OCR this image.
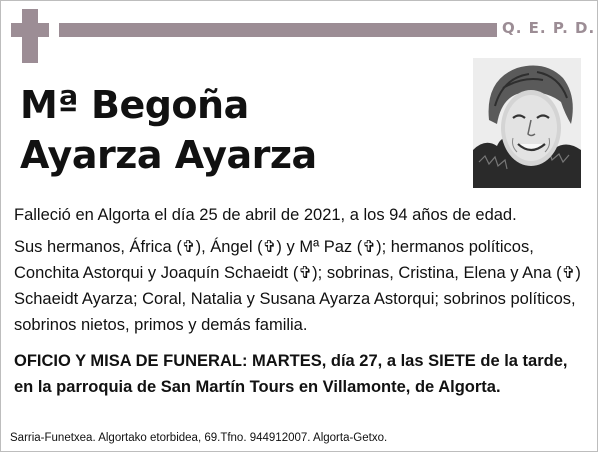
Q. E. P. D.
Mª Begoña
Ayarza Ayarza

Falleció en Algorta el día 25 de abril de 2021, a los 94 años de edad.

Sus hermanos, África (✞), Ángel (✞) y Mª Paz (✞); hermanos políticos, Conchita Astorqui y Joaquín Schaeidt (✞); sobrinas, Cristina, Elena y Ana (✞) Schaeidt Ayarza; Coral, Natalia y Susana Ayarza Astorqui; sobrinos políticos, sobrinos nietos, primos y demás familia.

OFICIO Y MISA DE FUNERAL: MARTES, día 27, a las SIETE de la tarde, en la parroquia de San Martín Tours en Villamonte, de Algorta.

Sarria-Funetxea. Algortako etorbidea, 69.Tfno. 944912007. Algorta-Getxo.
